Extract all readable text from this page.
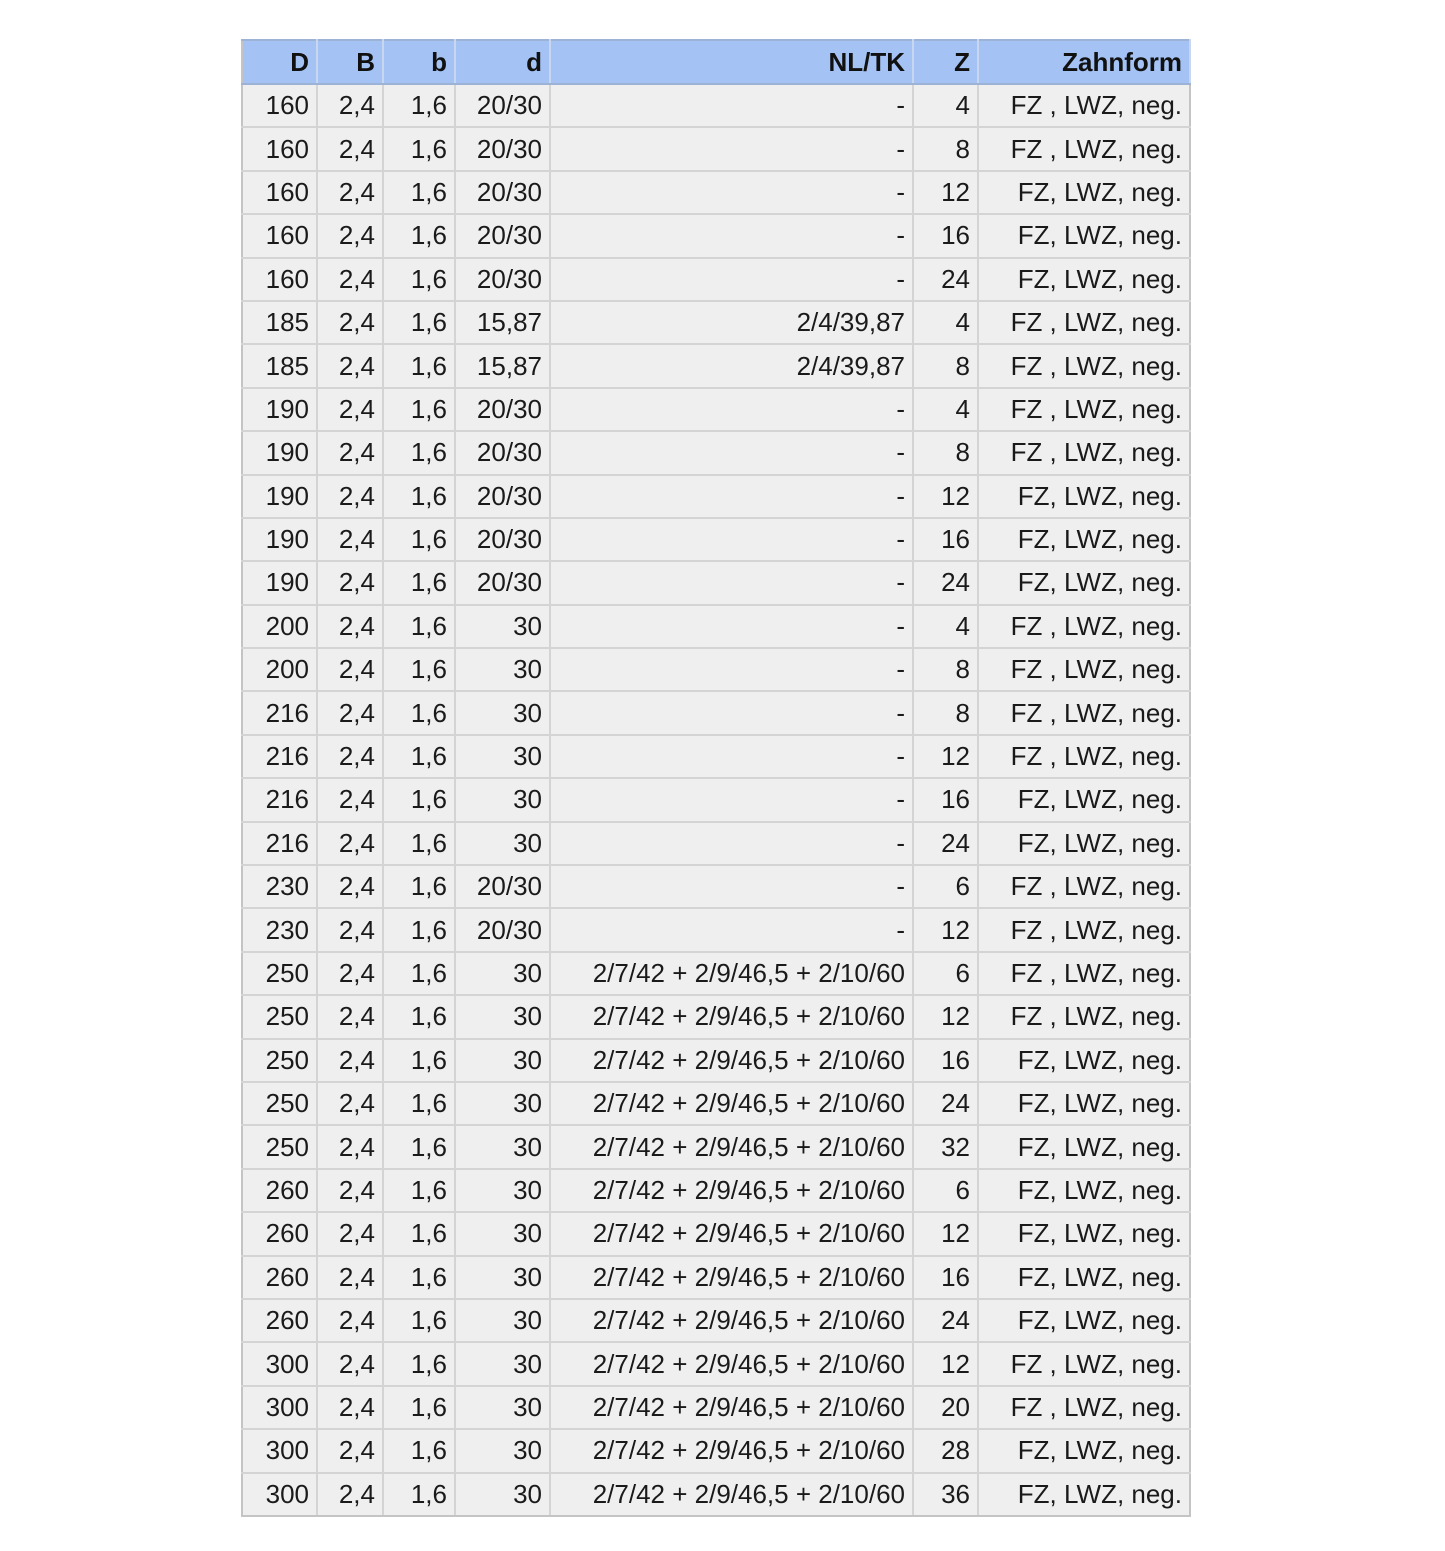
D	B	b	d	NL/TK	Z	Zahnform
160	2,4	1,6	20/30	-	4	FZ , LWZ, neg.
160	2,4	1,6	20/30	-	8	FZ , LWZ, neg.
160	2,4	1,6	20/30	-	12	FZ, LWZ, neg.
160	2,4	1,6	20/30	-	16	FZ, LWZ, neg.
160	2,4	1,6	20/30	-	24	FZ, LWZ, neg.
185	2,4	1,6	15,87	2/4/39,87	4	FZ , LWZ, neg.
185	2,4	1,6	15,87	2/4/39,87	8	FZ , LWZ, neg.
190	2,4	1,6	20/30	-	4	FZ , LWZ, neg.
190	2,4	1,6	20/30	-	8	FZ , LWZ, neg.
190	2,4	1,6	20/30	-	12	FZ, LWZ, neg.
190	2,4	1,6	20/30	-	16	FZ, LWZ, neg.
190	2,4	1,6	20/30	-	24	FZ, LWZ, neg.
200	2,4	1,6	30	-	4	FZ , LWZ, neg.
200	2,4	1,6	30	-	8	FZ , LWZ, neg.
216	2,4	1,6	30	-	8	FZ , LWZ, neg.
216	2,4	1,6	30	-	12	FZ , LWZ, neg.
216	2,4	1,6	30	-	16	FZ, LWZ, neg.
216	2,4	1,6	30	-	24	FZ, LWZ, neg.
230	2,4	1,6	20/30	-	6	FZ , LWZ, neg.
230	2,4	1,6	20/30	-	12	FZ , LWZ, neg.
250	2,4	1,6	30	2/7/42 + 2/9/46,5 + 2/10/60	6	FZ , LWZ, neg.
250	2,4	1,6	30	2/7/42 + 2/9/46,5 + 2/10/60	12	FZ , LWZ, neg.
250	2,4	1,6	30	2/7/42 + 2/9/46,5 + 2/10/60	16	FZ, LWZ, neg.
250	2,4	1,6	30	2/7/42 + 2/9/46,5 + 2/10/60	24	FZ, LWZ, neg.
250	2,4	1,6	30	2/7/42 + 2/9/46,5 + 2/10/60	32	FZ, LWZ, neg.
260	2,4	1,6	30	2/7/42 + 2/9/46,5 + 2/10/60	6	FZ, LWZ, neg.
260	2,4	1,6	30	2/7/42 + 2/9/46,5 + 2/10/60	12	FZ, LWZ, neg.
260	2,4	1,6	30	2/7/42 + 2/9/46,5 + 2/10/60	16	FZ, LWZ, neg.
260	2,4	1,6	30	2/7/42 + 2/9/46,5 + 2/10/60	24	FZ, LWZ, neg.
300	2,4	1,6	30	2/7/42 + 2/9/46,5 + 2/10/60	12	FZ , LWZ, neg.
300	2,4	1,6	30	2/7/42 + 2/9/46,5 + 2/10/60	20	FZ , LWZ, neg.
300	2,4	1,6	30	2/7/42 + 2/9/46,5 + 2/10/60	28	FZ, LWZ, neg.
300	2,4	1,6	30	2/7/42 + 2/9/46,5 + 2/10/60	36	FZ, LWZ, neg.
